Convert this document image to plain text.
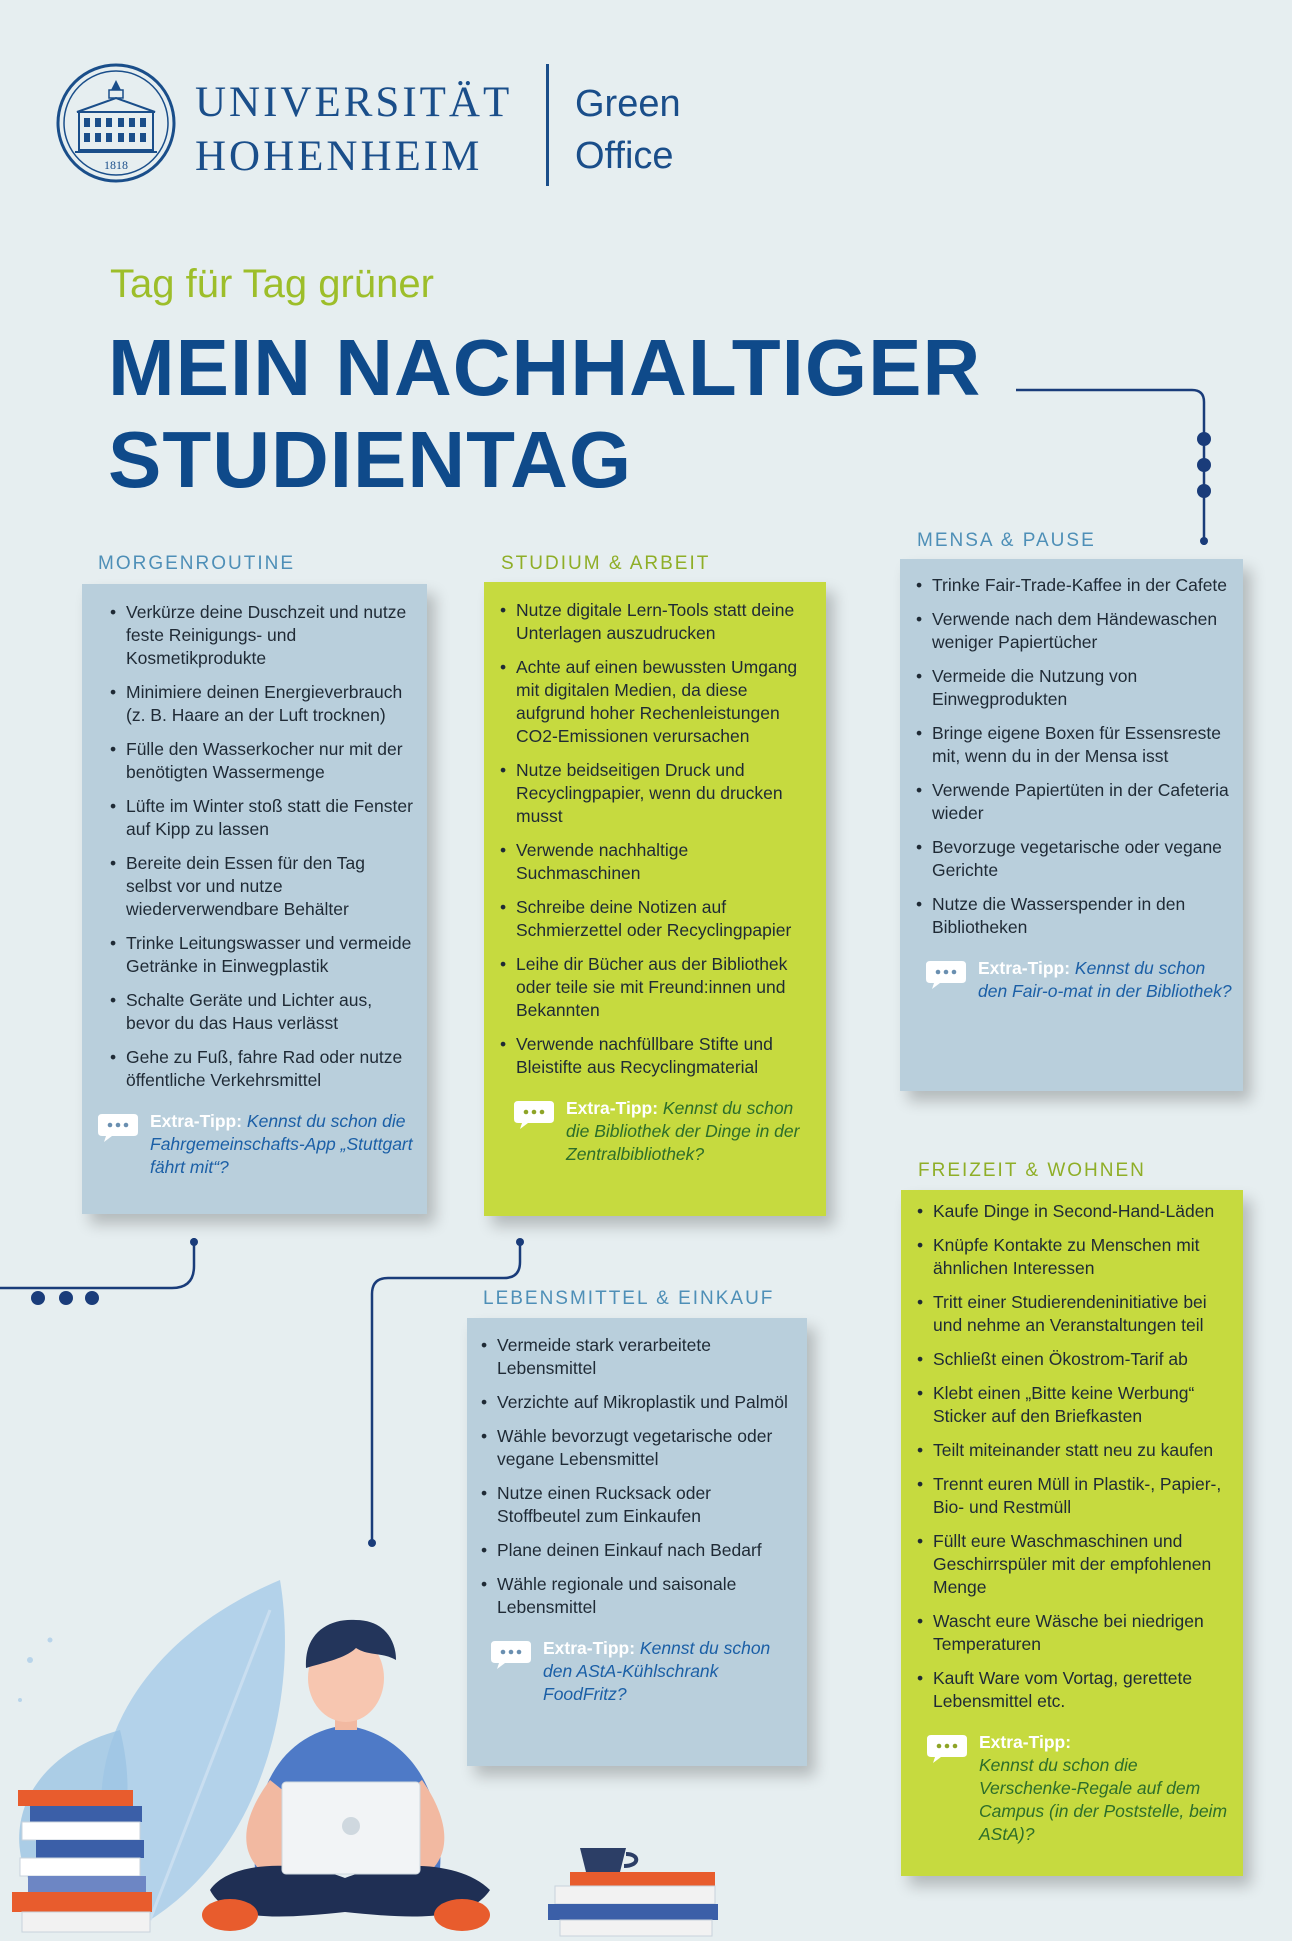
1818
UNIVERSITÄT
HOHENHEIM
Green
Office
Tag für Tag grüner
MEIN NACHHALTIGER
STUDIENTAG
MORGENROUTINE
• Verkürze deine Duschzeit und nutze feste Reinigungs- und Kosmetikprodukte
• Minimiere deinen Energieverbrauch (z. B. Haare an der Luft trocknen)
• Fülle den Wasserkocher nur mit der benötigten Wassermenge
• Lüfte im Winter stoß statt die Fenster auf Kipp zu lassen
• Bereite dein Essen für den Tag selbst vor und nutze wiederverwendbare Behälter
• Trinke Leitungswasser und vermeide Getränke in Einwegplastik
• Schalte Geräte und Lichter aus, bevor du das Haus verlässt
• Gehe zu Fuß, fahre Rad oder nutze öffentliche Verkehrsmittel
Extra-Tipp: Kennst du schon die Fahrgemeinschafts-App „Stuttgart fährt mit“?
STUDIUM & ARBEIT
• Nutze digitale Lern-Tools statt deine Unterlagen auszudrucken
• Achte auf einen bewussten Umgang mit digitalen Medien, da diese aufgrund hoher Rechenleistungen CO2-Emissionen verursachen
• Nutze beidseitigen Druck und Recyclingpapier, wenn du drucken musst
• Verwende nachhaltige Suchmaschinen
• Schreibe deine Notizen auf Schmierzettel oder Recyclingpapier
• Leihe dir Bücher aus der Bibliothek oder teile sie mit Freund:innen und Bekannten
• Verwende nachfüllbare Stifte und Bleistifte aus Recyclingmaterial
Extra-Tipp: Kennst du schon die Bibliothek der Dinge in der Zentralbibliothek?
MENSA & PAUSE
• Trinke Fair-Trade-Kaffee in der Cafete
• Verwende nach dem Händewaschen weniger Papiertücher
• Vermeide die Nutzung von Einwegprodukten
• Bringe eigene Boxen für Essensreste mit, wenn du in der Mensa isst
• Verwende Papiertüten in der Cafeteria wieder
• Bevorzuge vegetarische oder vegane Gerichte
• Nutze die Wasserspender in den Bibliotheken
Extra-Tipp: Kennst du schon den Fair-o-mat in der Bibliothek?
LEBENSMITTEL & EINKAUF
• Vermeide stark verarbeitete Lebensmittel
• Verzichte auf Mikroplastik und Palmöl
• Wähle bevorzugt vegetarische oder vegane Lebensmittel
• Nutze einen Rucksack oder Stoffbeutel zum Einkaufen
• Plane deinen Einkauf nach Bedarf
• Wähle regionale und saisonale Lebensmittel
Extra-Tipp: Kennst du schon den AStA-Kühlschrank FoodFritz?
FREIZEIT & WOHNEN
• Kaufe Dinge in Second-Hand-Läden
• Knüpfe Kontakte zu Menschen mit ähnlichen Interessen
• Tritt einer Studierendeninitiative bei und nehme an Veranstaltungen teil
• Schließt einen Ökostrom-Tarif ab
• Klebt einen „Bitte keine Werbung“ Sticker auf den Briefkasten
• Teilt miteinander statt neu zu kaufen
• Trennt euren Müll in Plastik-, Papier-, Bio- und Restmüll
• Füllt eure Waschmaschinen und Geschirrspüler mit der empfohlenen Menge
• Wascht eure Wäsche bei niedrigen Temperaturen
• Kauft Ware vom Vortag, gerettete Lebensmittel etc.
Extra-Tipp:
Kennst du schon die Verschenke-Regale auf dem Campus (in der Poststelle, beim AStA)?
